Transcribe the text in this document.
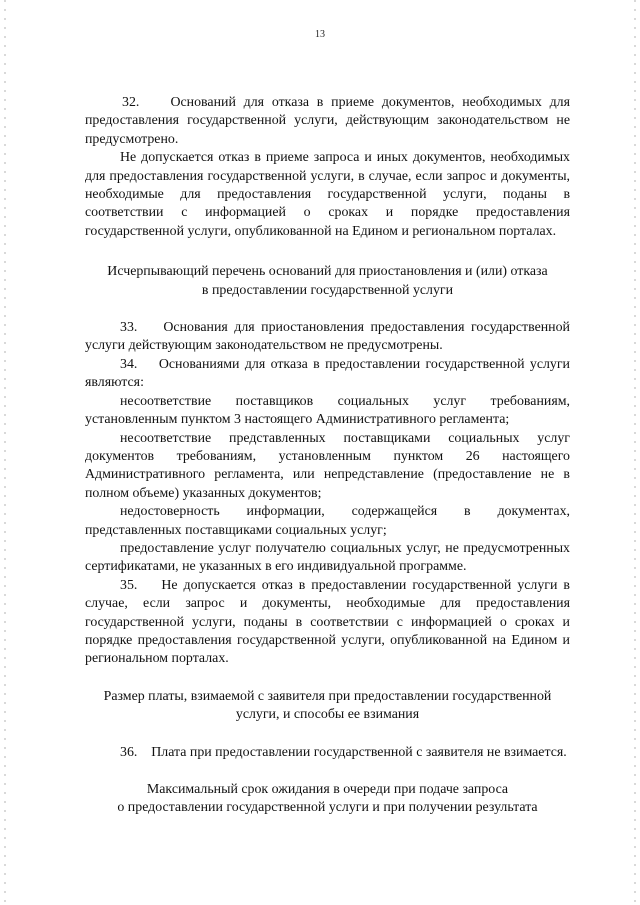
13

32.    Оснований для отказа в приеме документов, необходимых для предоставления государственной услуги, действующим законодательством не предусмотрено.

Не допускается отказ в приеме запроса и иных документов, необходимых для предоставления государственной услуги, в случае, если запрос и документы, необходимые для предоставления государственной услуги, поданы в соответствии с информацией о сроках и порядке предоставления государственной услуги, опубликованной на Едином и региональном порталах.

Исчерпывающий перечень оснований для приостановления и (или) отказа
в предоставлении государственной услуги

33.    Основания для приостановления предоставления государственной услуги действующим законодательством не предусмотрены.

34.    Основаниями для отказа в предоставлении государственной услуги являются:

несоответствие поставщиков социальных услуг требованиям, установленным пунктом 3 настоящего Административного регламента;

несоответствие представленных поставщиками социальных услуг документов требованиям, установленным пунктом 26 настоящего Административного регламента, или непредставление (предоставление не в полном объеме) указанных документов;

недостоверность информации, содержащейся в документах, представленных поставщиками социальных услуг;

предоставление услуг получателю социальных услуг, не предусмотренных сертификатами, не указанных в его индивидуальной программе.

35.    Не допускается отказ в предоставлении государственной услуги в случае, если запрос и документы, необходимые для предоставления государственной услуги, поданы в соответствии с информацией о сроках и порядке предоставления государственной услуги, опубликованной на Едином и региональном порталах.

Размер платы, взимаемой с заявителя при предоставлении государственной
услуги, и способы ее взимания

36.    Плата при предоставлении государственной с заявителя не взимается.

Максимальный срок ожидания в очереди при подаче запроса
о предоставлении государственной услуги и при получении результата
